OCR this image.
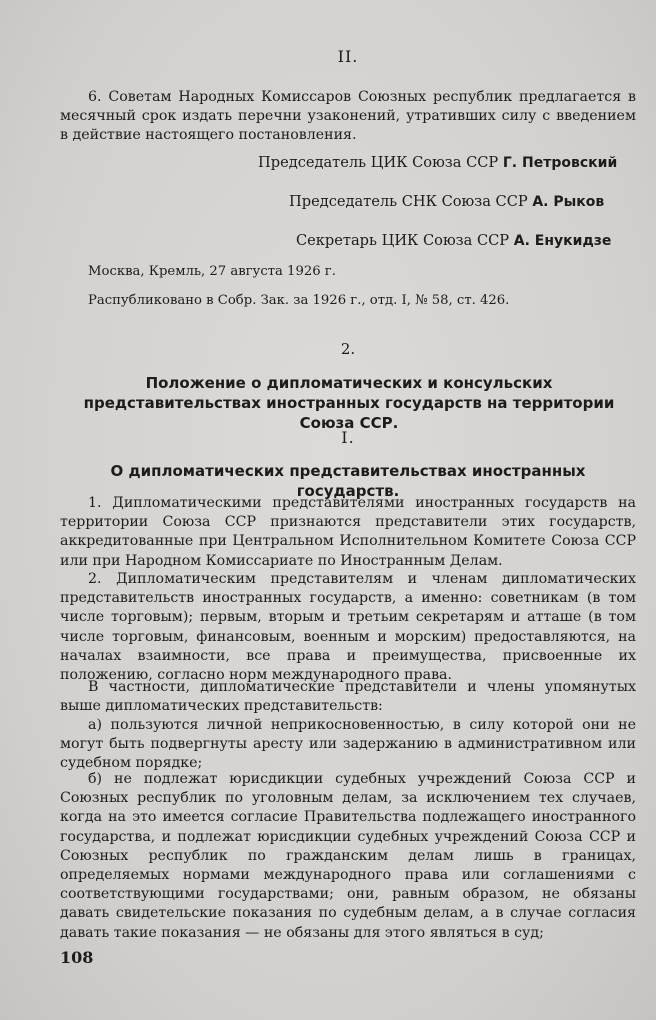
II.

6. Советам Народных Комиссаров Союзных республик предлагается в месячный срок издать перечни узаконений, утративших силу с введением в действие настоящего постановления.

Председатель ЦИК Союза ССР Г. Петровский
Председатель СНК Союза ССР А. Рыков
Секретарь ЦИК Союза ССР А. Енукидзе

Москва, Кремль, 27 августа 1926 г.

Распубликовано в Собр. Зак. за 1926 г., отд. I, № 58, ст. 426.

2.
Положение о дипломатических и консульских представительствах иностранных государств на территории Союза ССР.
I.
О дипломатических представительствах иностранных государств.

1. Дипломатическими представителями иностранных государств на территории Союза ССР признаются представители этих государств, аккредитованные при Центральном Исполнительном Комитете Союза ССР или при Народном Комиссариате по Иностранным Делам.

2. Дипломатическим представителям и членам дипломатических представительств иностранных государств, а именно: советникам (в том числе торговым); первым, вторым и третьим секретарям и атташе (в том числе торговым, финансовым, военным и морским) предоставляются, на началах взаимности, все права и преимущества, присвоенные их положению, согласно норм международного права.

В частности, дипломатические представители и члены упомянутых выше дипломатических представительств:

а) пользуются личной неприкосновенностью, в силу которой они не могут быть подвергнуты аресту или задержанию в административном или судебном порядке;

б) не подлежат юрисдикции судебных учреждений Союза ССР и Союзных республик по уголовным делам, за исключением тех случаев, когда на это имеется согласие Правительства подлежащего иностранного государства, и подлежат юрисдикции судебных учреждений Союза ССР и Союзных республик по гражданским делам лишь в границах, определяемых нормами международного права или соглашениями с соответствующими государствами; они, равным образом, не обязаны давать свидетельские показания по судебным делам, а в случае согласия давать такие показания — не обязаны для этого являться в суд;

108
